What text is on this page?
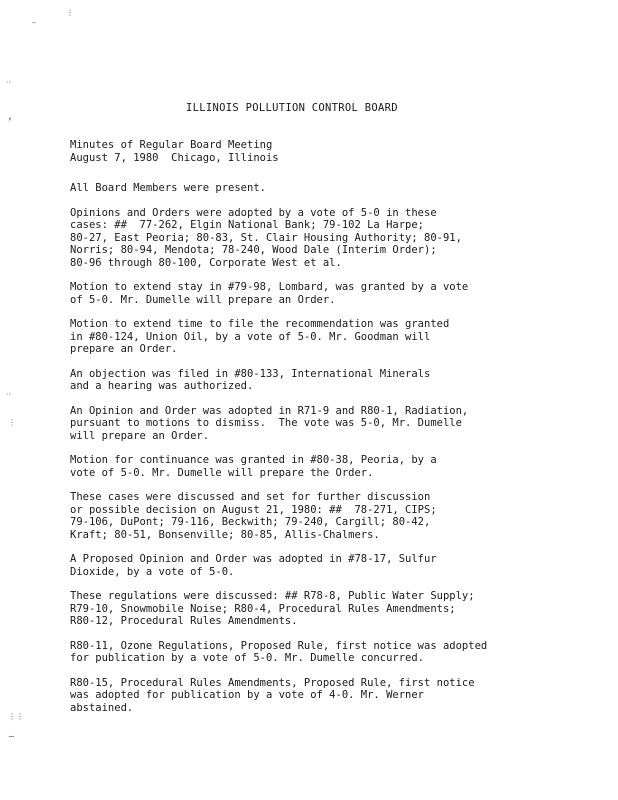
–
⋮
··
‚
··
⋮
⋮⋮
∼
ILLINOIS POLLUTION CONTROL BOARD
Minutes of Regular Board Meeting
August 7, 1980  Chicago, Illinois

All Board Members were present.

Opinions and Orders were adopted by a vote of 5-0 in these
cases: ##  77-262, Elgin National Bank; 79-102 La Harpe;
80-27, East Peoria; 80-83, St. Clair Housing Authority; 80-91,
Norris; 80-94, Mendota; 78-240, Wood Dale (Interim Order);
80-96 through 80-100, Corporate West et al.

Motion to extend stay in #79-98, Lombard, was granted by a vote
of 5-0. Mr. Dumelle will prepare an Order.

Motion to extend time to file the recommendation was granted
in #80-124, Union Oil, by a vote of 5-0. Mr. Goodman will
prepare an Order.

An objection was filed in #80-133, International Minerals
and a hearing was authorized.

An Opinion and Order was adopted in R71-9 and R80-1, Radiation,
pursuant to motions to dismiss.  The vote was 5-0, Mr. Dumelle
will prepare an Order.

Motion for continuance was granted in #80-38, Peoria, by a
vote of 5-0. Mr. Dumelle will prepare the Order.

These cases were discussed and set for further discussion
or possible decision on August 21, 1980: ##  78-271, CIPS;
79-106, DuPont; 79-116, Beckwith; 79-240, Cargill; 80-42,
Kraft; 80-51, Bonsenville; 80-85, Allis-Chalmers.

A Proposed Opinion and Order was adopted in #78-17, Sulfur
Dioxide, by a vote of 5-0.

These regulations were discussed: ## R78-8, Public Water Supply;
R79-10, Snowmobile Noise; R80-4, Procedural Rules Amendments;
R80-12, Procedural Rules Amendments.

R80-11, Ozone Regulations, Proposed Rule, first notice was adopted
for publication by a vote of 5-0. Mr. Dumelle concurred.

R80-15, Procedural Rules Amendments, Proposed Rule, first notice
was adopted for publication by a vote of 4-0. Mr. Werner
abstained.
